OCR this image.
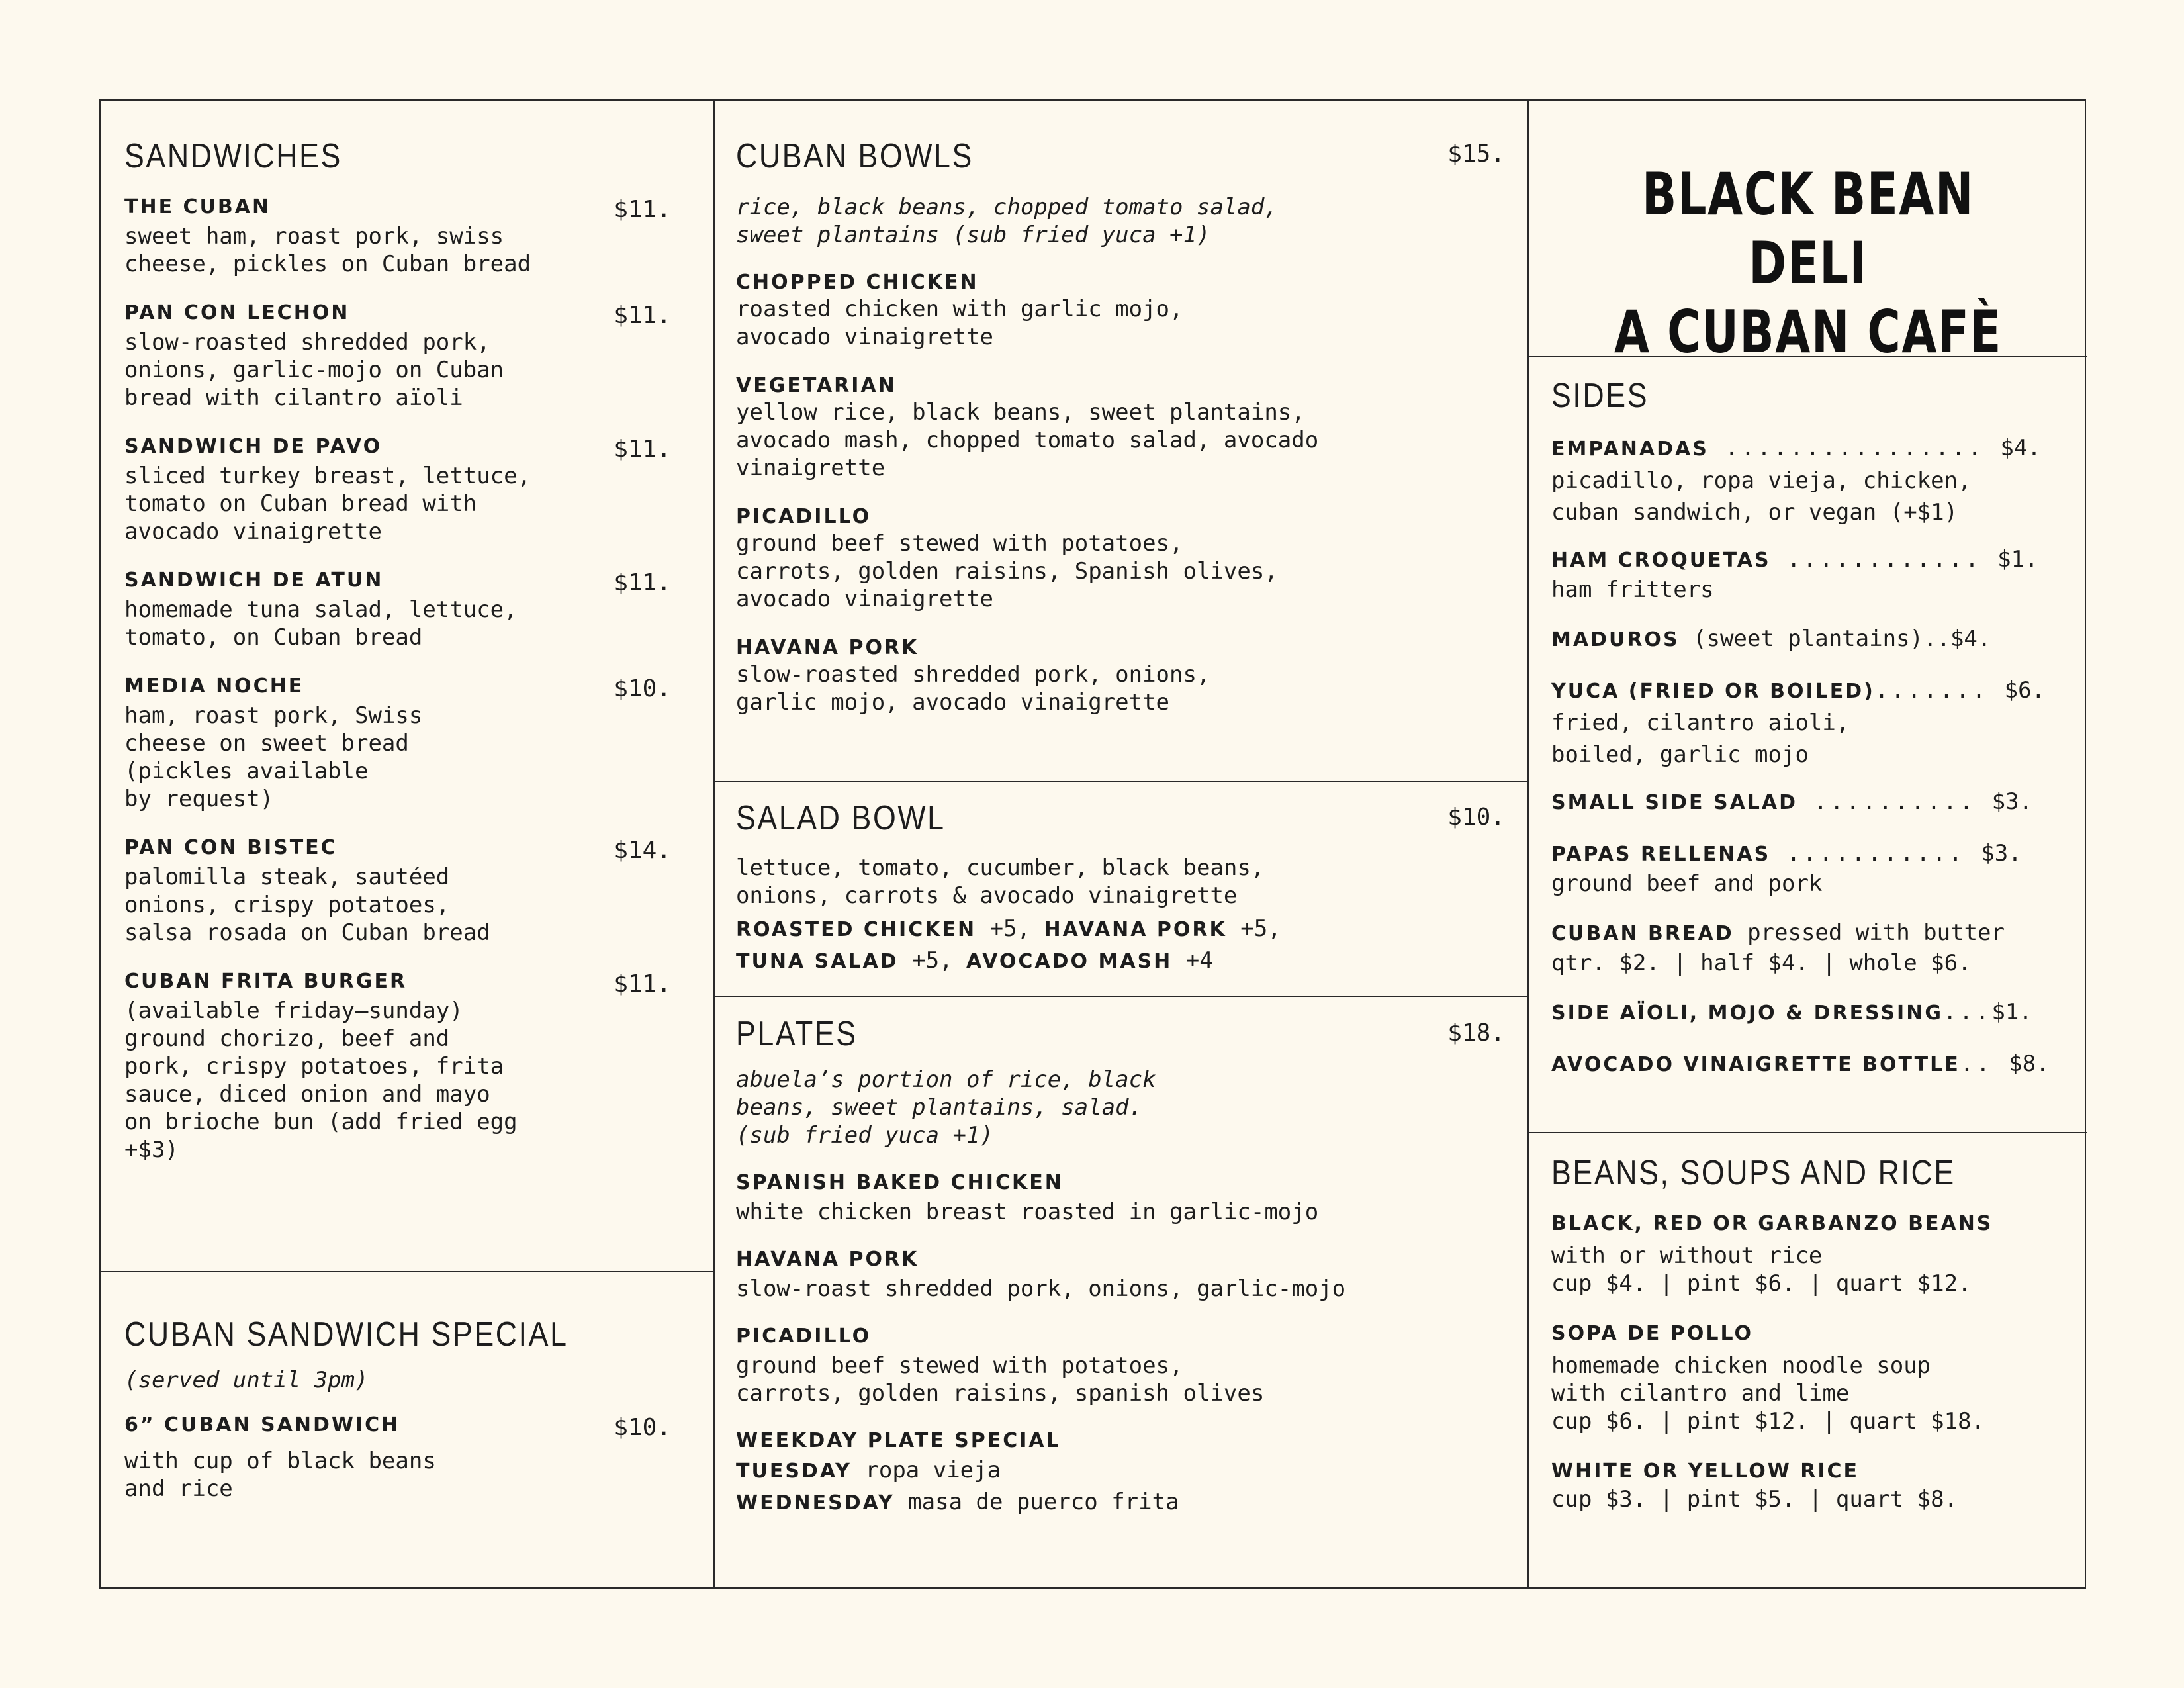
SANDWICHES
THE CUBAN	$11.
sweet ham, roast pork, swiss
cheese, pickles on Cuban bread
PAN CON LECHON	$11.
slow-roasted shredded pork,
onions, garlic-mojo on Cuban
bread with cilantro aïoli
SANDWICH DE PAVO	$11.
sliced turkey breast, lettuce,
tomato on Cuban bread with
avocado vinaigrette
SANDWICH DE ATUN	$11.
homemade tuna salad, lettuce,
tomato, on Cuban bread
MEDIA NOCHE	$10.
ham, roast pork, Swiss
cheese on sweet bread
(pickles available
by request)
PAN CON BISTEC	$14.
palomilla steak, sautéed
onions, crispy potatoes,
salsa rosada on Cuban bread
CUBAN FRITA BURGER	$11.
(available friday–sunday)
ground chorizo, beef and
pork, crispy potatoes, frita
sauce, diced onion and mayo
on brioche bun (add fried egg
+$3)
CUBAN SANDWICH SPECIAL
(served until 3pm)
6” CUBAN SANDWICH	$10.
with cup of black beans
and rice
CUBAN BOWLS	$15.
rice, black beans, chopped tomato salad,
sweet plantains (sub fried yuca +1)
CHOPPED CHICKEN
roasted chicken with garlic mojo,
avocado vinaigrette
VEGETARIAN
yellow rice, black beans, sweet plantains,
avocado mash, chopped tomato salad, avocado
vinaigrette
PICADILLO
ground beef stewed with potatoes,
carrots, golden raisins, Spanish olives,
avocado vinaigrette
HAVANA PORK
slow-roasted shredded pork, onions,
garlic mojo, avocado vinaigrette
SALAD BOWL	$10.
lettuce, tomato, cucumber, black beans,
onions, carrots & avocado vinaigrette
ROASTED CHICKEN +5, HAVANA PORK +5,
TUNA SALAD +5, AVOCADO MASH +4
PLATES	$18.
abuela’s portion of rice, black
beans, sweet plantains, salad.
(sub fried yuca +1)
SPANISH BAKED CHICKEN
white chicken breast roasted in garlic-mojo
HAVANA PORK
slow-roast shredded pork, onions, garlic-mojo
PICADILLO
ground beef stewed with potatoes,
carrots, golden raisins, spanish olives
WEEKDAY PLATE SPECIAL
TUESDAY ropa vieja
WEDNESDAY masa de puerco frita
BLACK BEAN DELI
A CUBAN CAFÈ
SIDES
EMPANADAS ................ $4.
picadillo, ropa vieja, chicken,
cuban sandwich, or vegan (+$1)
HAM CROQUETAS ............ $1.
ham fritters
MADUROS (sweet plantains)..$4.
YUCA (FRIED OR BOILED)....... $6.
fried, cilantro aioli,
boiled, garlic mojo
SMALL SIDE SALAD .......... $3.
PAPAS RELLENAS ........... $3.
ground beef and pork
CUBAN BREAD pressed with butter
qtr. $2. | half $4. | whole $6.
SIDE AÏOLI, MOJO & DRESSING...$1.
AVOCADO VINAIGRETTE BOTTLE.. $8.
BEANS, SOUPS AND RICE
BLACK, RED OR GARBANZO BEANS
with or without rice
cup $4. | pint $6. | quart $12.
SOPA DE POLLO
homemade chicken noodle soup
with cilantro and lime
cup $6. | pint $12. | quart $18.
WHITE OR YELLOW RICE
cup $3. | pint $5. | quart $8.
